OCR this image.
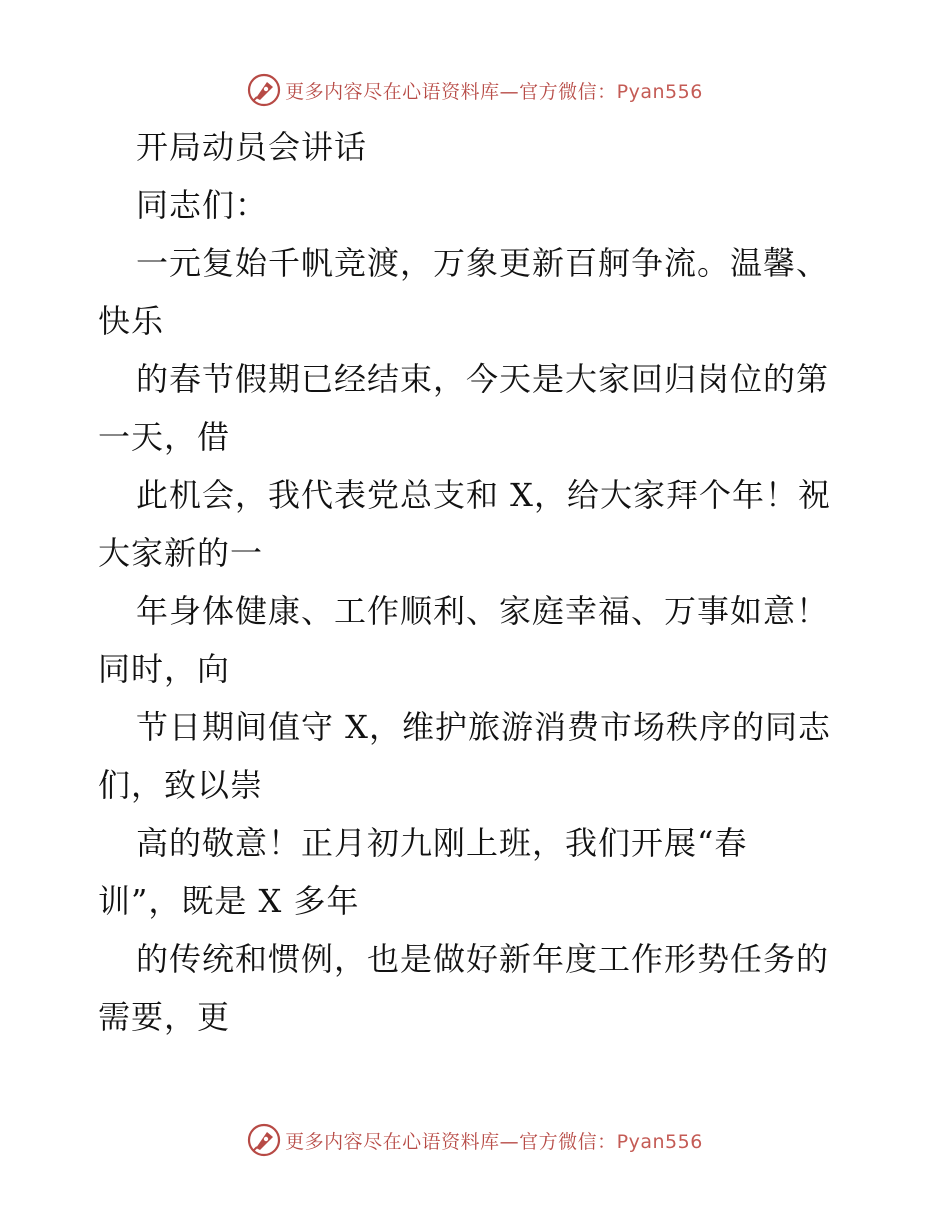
更多内容尽在心语资料库—官方微信：Pyan556
开局动员会讲话
同志们：
一元复始千帆竞渡，万象更新百舸争流。温馨、
快乐
的春节假期已经结束，今天是大家回归岗位的第
一天，借
此机会，我代表党总支和 X，给大家拜个年！祝
大家新的一
年身体健康、工作顺利、家庭幸福、万事如意！
同时，向
节日期间值守 X，维护旅游消费市场秩序的同志
们，致以崇
高的敬意！正月初九刚上班，我们开展“春
训”，既是 X 多年
的传统和惯例，也是做好新年度工作形势任务的
需要，更
更多内容尽在心语资料库—官方微信：Pyan556
